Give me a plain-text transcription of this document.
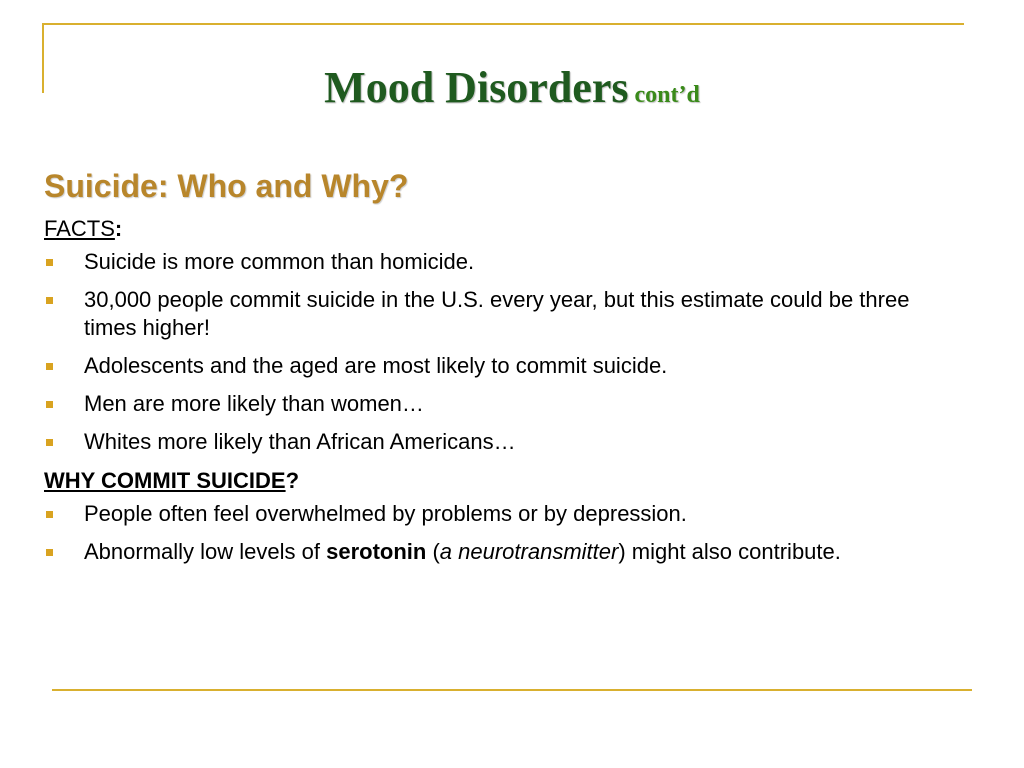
Mood Disorders cont’d
Suicide: Who and Why?
FACTS:
Suicide is more common than homicide.
30,000 people commit suicide in the U.S. every year, but this estimate could be three times higher!
Adolescents and the aged are most likely to commit suicide.
Men are more likely than women…
Whites more likely than African Americans…
WHY COMMIT SUICIDE?
People often feel overwhelmed by problems or by depression.
Abnormally low levels of serotonin (a neurotransmitter) might also contribute.
